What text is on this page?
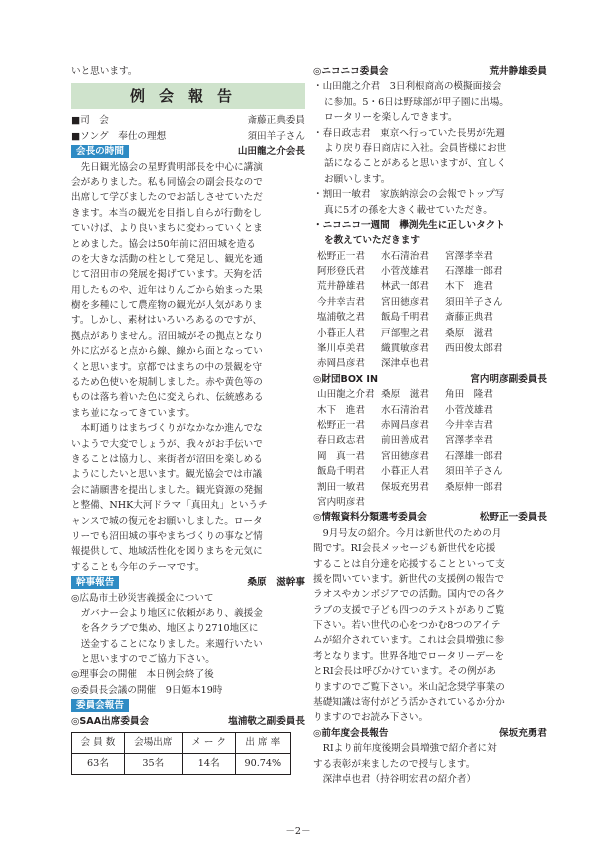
いと思います。
例会報告
■司　会	斎藤正典委員
■ソング　奉仕の理想	須田羊子さん
会長の時間	山田龍之介会長
先日観光協会の星野貴明部長を中心に講演
会がありました。私も同協会の副会長なので
出席して学びましたのでお話しさせていただ
きます。本当の観光を目指し自らが行動をし
ていけば、より良いまちに変わっていくとま
とめました。協会は50年前に沼田城を造る
のを大きな活動の柱として発足し、観光を通
じて沼田市の発展を掲げています。天狗を活
用したものや、近年はりんごから始まった果
樹を多種にして農産物の観光が人気がありま
す。しかし、素材はいろいろあるのですが、
拠点がありません。沼田城がその拠点となり
外に広がると点から線、線から面となってい
くと思います。京都ではまちの中の景観を守
るため色使いを規制しました。赤や黄色等の
ものは落ち着いた色に変えられ、伝統感ある
まち並になってきています。
本町通りはまちづくりがなかなか進んでな
いようで大変でしょうが、我々がお手伝いで
きることは協力し、来街者が沼田を楽しめる
ようにしたいと思います。観光協会では市議
会に請願書を提出しました。観光資源の発掘
と整備、NHK大河ドラマ「真田丸」というチ
ャンスで城の復元をお願いしました。ロータ
リーでも沼田城の事やまちづくりの事など情
報提供して、地域活性化を図りまちを元気に
することも今年のテーマです。
幹事報告	桑原　滋幹事
◎広島市土砂災害義援金について
ガバナー会より地区に依頼があり、義援金
を各クラブで集め、地区より2710地区に
送金することになりました。来週行いたい
と思いますのでご協力下さい。
◎理事会の開催　本日例会終了後
◎委員長会議の開催　9日姫本19時
委員会報告
◎SAA出席委員会	塩浦敬之副委員長
会 員 数	会場出席	メ ー ク	出 席 率
63名	35名	14名	90.74%
◎ニコニコ委員会	荒井静雄委員
・山田龍之介君　3日利根商高の模擬面接会
に参加。5・6日は野球部が甲子園に出場。
ロータリーを楽しんできます。
・春日政志君　東京へ行っていた長男が先週
より戻り春日商店に入社。会員皆様にお世
話になることがあると思いますが、宜しく
お願いします。
・割田一敏君　家族納涼会の会報でトップ写
真に5才の孫を大きく載せていただき。
・ニコニコ一週間　欅渕先生に正しいタクト
を教えていただきます
松野正一君	水石清治君	宮澤孝幸君
阿形登氏君	小菅茂雄君	石澤雄一郎君
荒井静雄君	林武一郎君	木下　進君
今井幸吉君	宮田徳彦君	須田羊子さん
塩浦敬之君	飯島千明君	斎藤正典君
小暮正人君	戸部聖之君	桑原　滋君
峯川卓美君	織貫敏彦君	西田俊太郎君
赤岡昌彦君	深津卓也君
◎財団BOX IN	宮内明彦副委員長
山田龍之介君 桑原　滋君	角田　隆君
木下　進君	水石清治君	小菅茂雄君
松野正一君	赤岡昌彦君	今井幸吉君
春日政志君	前田善成君	宮澤孝幸君
岡　真一君	宮田徳彦君	石澤雄一郎君
飯島千明君	小暮正人君	須田羊子さん
割田一敏君	保坂充男君	桑原伸一郎君
宮内明彦君
◎情報資料分類選考委員会	松野正一委員長
9月号友の紹介。今月は新世代のための月
間です。RI会長メッセージも新世代を応援
することは自分達を応援することといって支
援を問いています。新世代の支援例の報告で
ラオスやカンボジアでの活動。国内での各ク
ラブの支援で子ども四つのテストがありご覧
下さい。若い世代の心をつかむ8つのアイテ
ムが紹介されています。これは会員増強に参
考となります。世界各地でロータリーデーを
とRI会長は呼びかけています。その例があ
りますのでご覧下さい。米山記念奨学事業の
基礎知識は寄付がどう活かされているか分か
りますのでお読み下さい。
◎前年度会長報告	保坂充勇君
RIより前年度後期会員増強で紹介者に対
する表彰が来ましたので授与します。
深津卓也君（持谷明宏君の紹介者）
－2－
